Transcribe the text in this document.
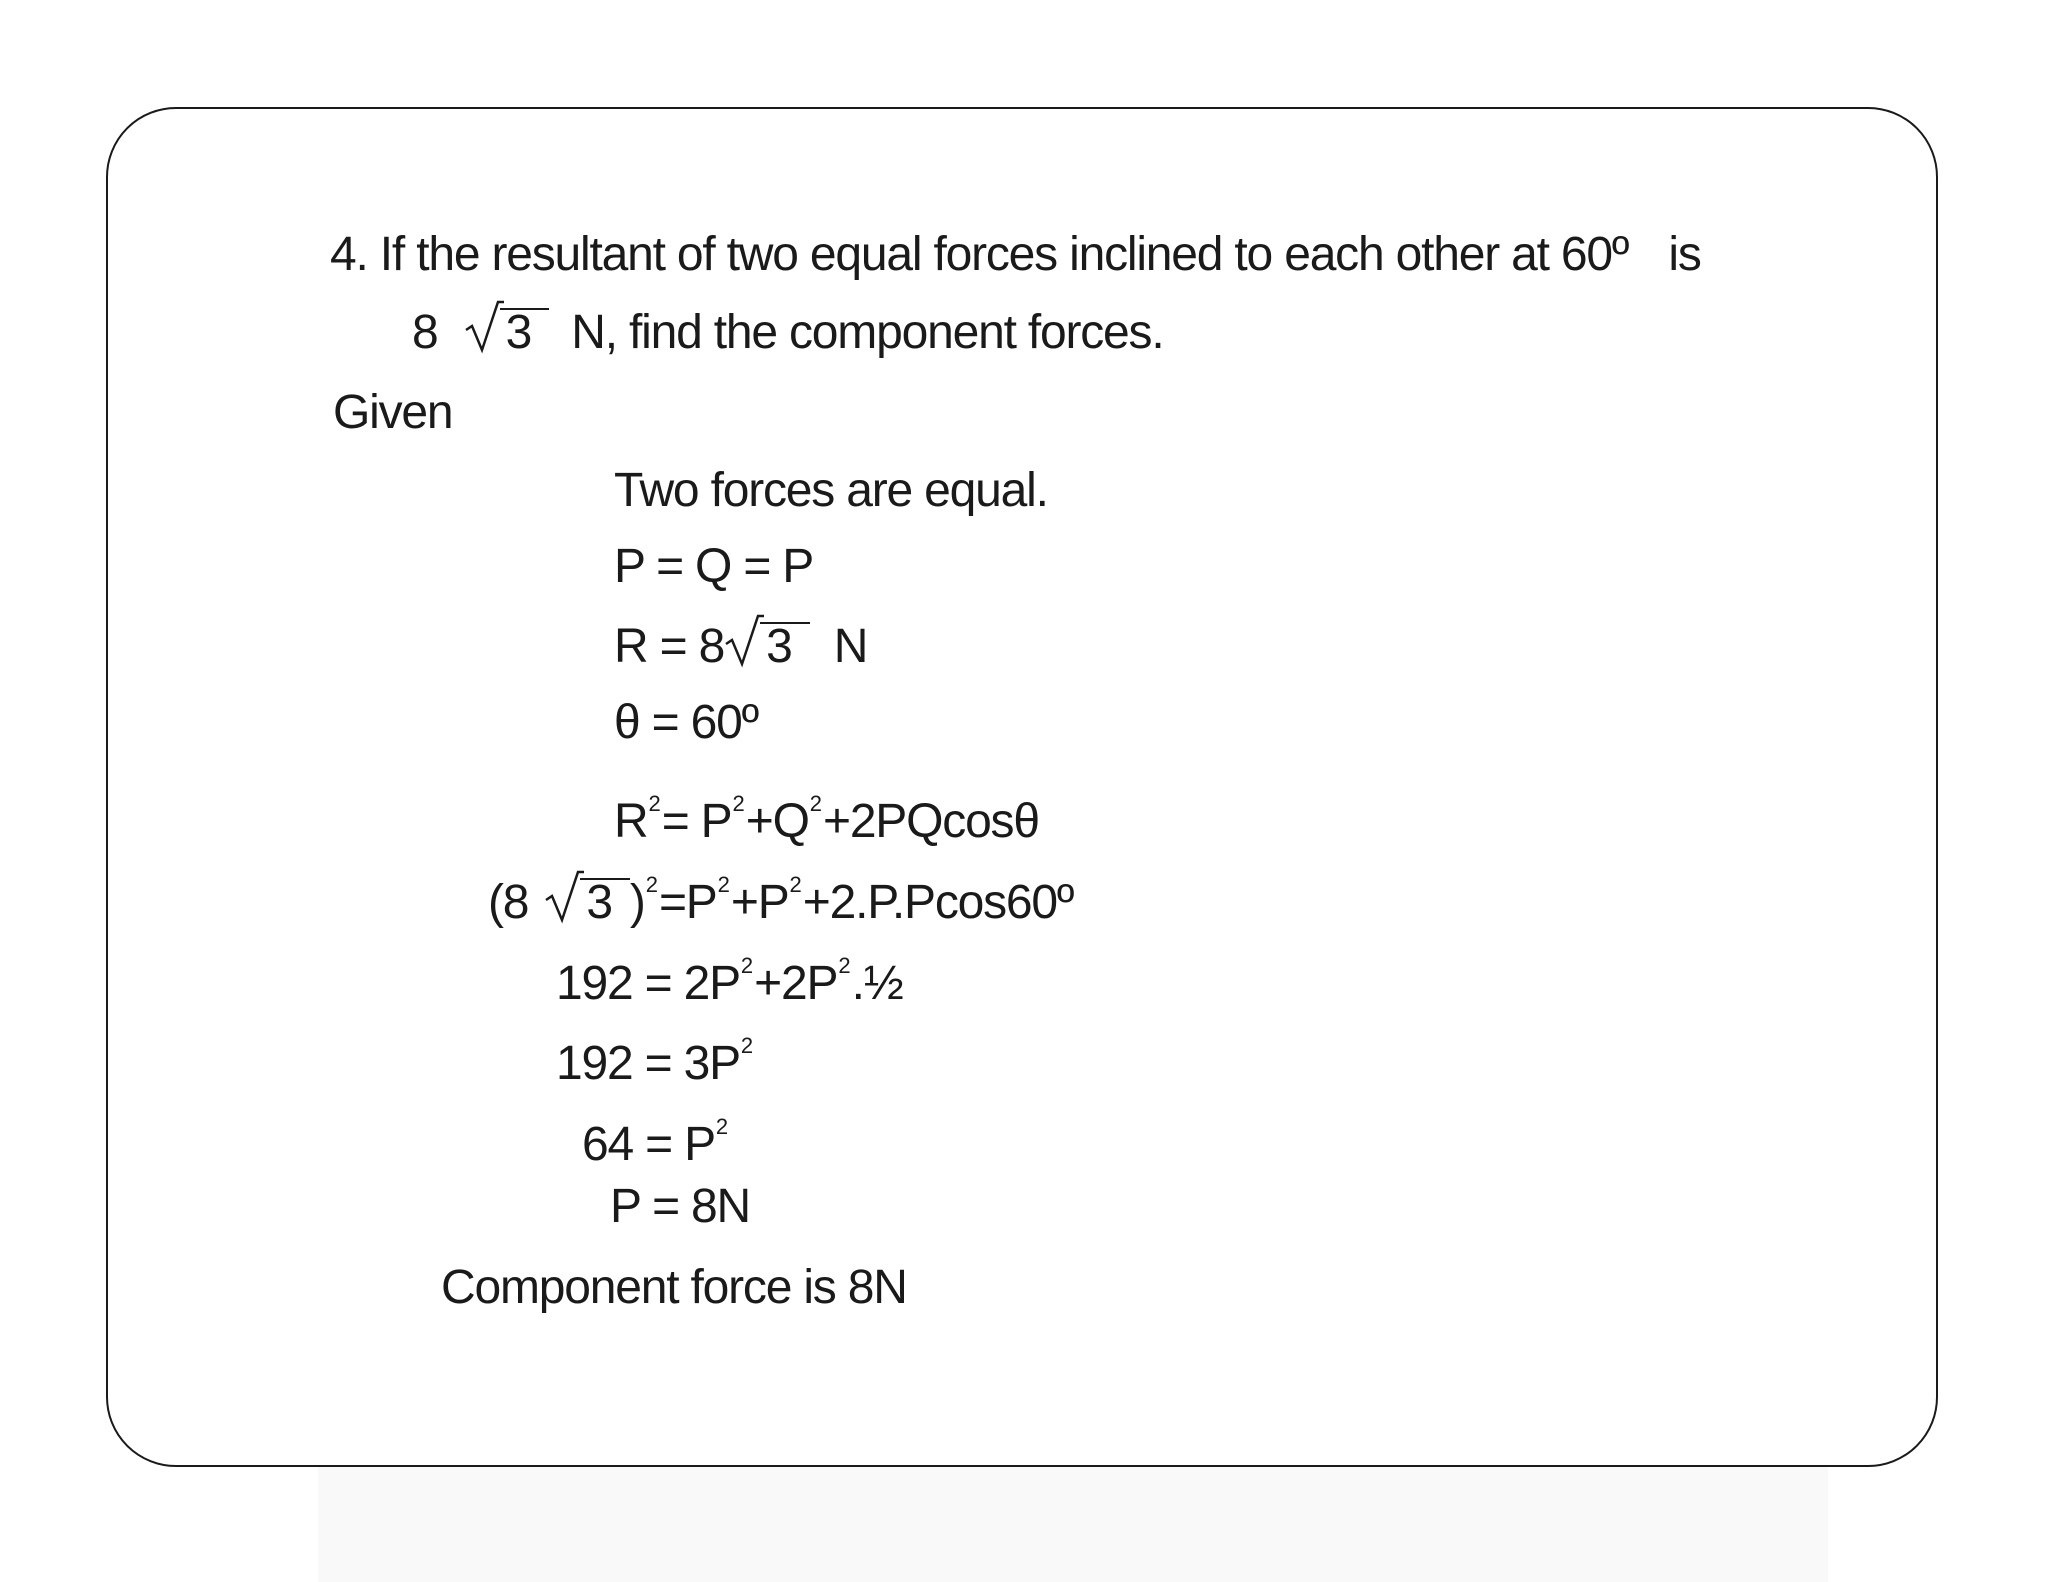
4. If the resultant of two equal forces inclined to each other at 60º is
8 3 N, find the component forces.
Given
Two forces are equal.
P = Q = P
R = 8 3 N
θ = 60º
$R^2= P^2+Q^2+2PQcos\theta$
(8 3 )$^2=P^2+P^2+2.P.Pcos60º$
$192 = 2P^2+2P^2.\frac{1}{2}$
$192 = 3P^2$
$64 = P^2$
P = 8N
Component force is 8N
